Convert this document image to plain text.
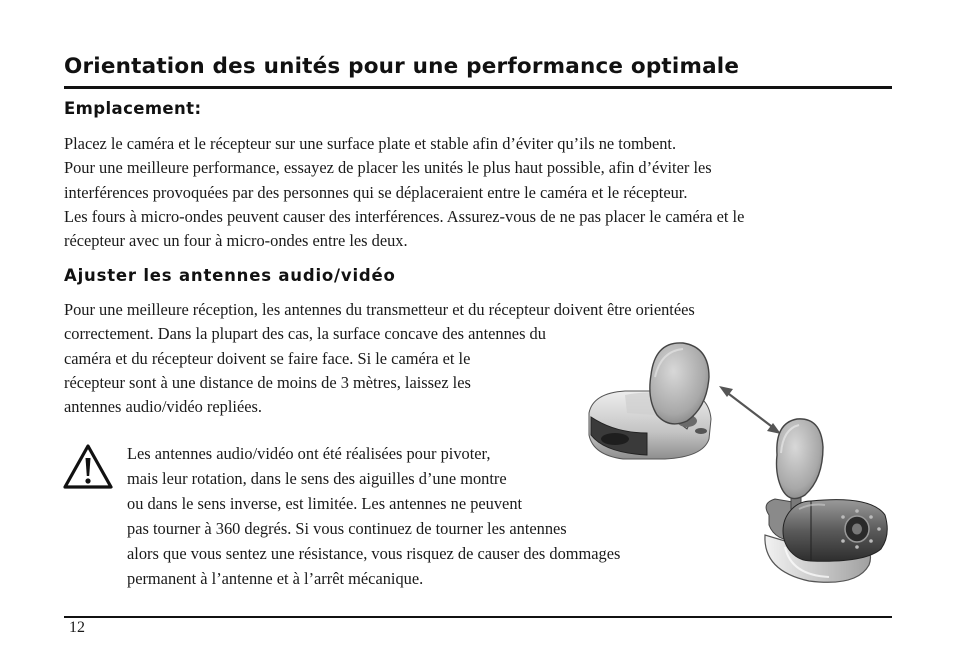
Orientation des unités pour une performance optimale
Emplacement:

Placez le caméra et le récepteur sur une surface plate et stable afin d’éviter qu’ils ne tombent.
Pour une meilleure performance, essayez de placer les unités le plus haut possible, afin d’éviter les
interférences provoquées par des personnes qui se déplaceraient entre le caméra et le récepteur.
Les fours à micro-ondes peuvent causer des interférences. Assurez-vous de ne pas placer le caméra et le
récepteur avec un four à micro-ondes entre les deux.

Ajuster les antennes audio/vidéo

Pour une meilleure réception, les antennes du transmetteur et du récepteur doivent être orientées
correctement. Dans la plupart des cas, la surface concave des antennes du
caméra et du récepteur doivent se faire face. Si le caméra et le
récepteur sont à une distance de moins de 3 mètres, laissez les
antennes audio/vidéo repliées.

Les antennes audio/vidéo ont été réalisées pour pivoter,
mais leur rotation, dans le sens des aiguilles d’une montre
ou dans le sens inverse, est limitée. Les antennes ne peuvent
pas tourner à 360 degrés. Si vous continuez de tourner les antennes
alors que vous sentez une résistance, vous risquez de causer des dommages
permanent à l’antenne et à l’arrêt mécanique.
12
